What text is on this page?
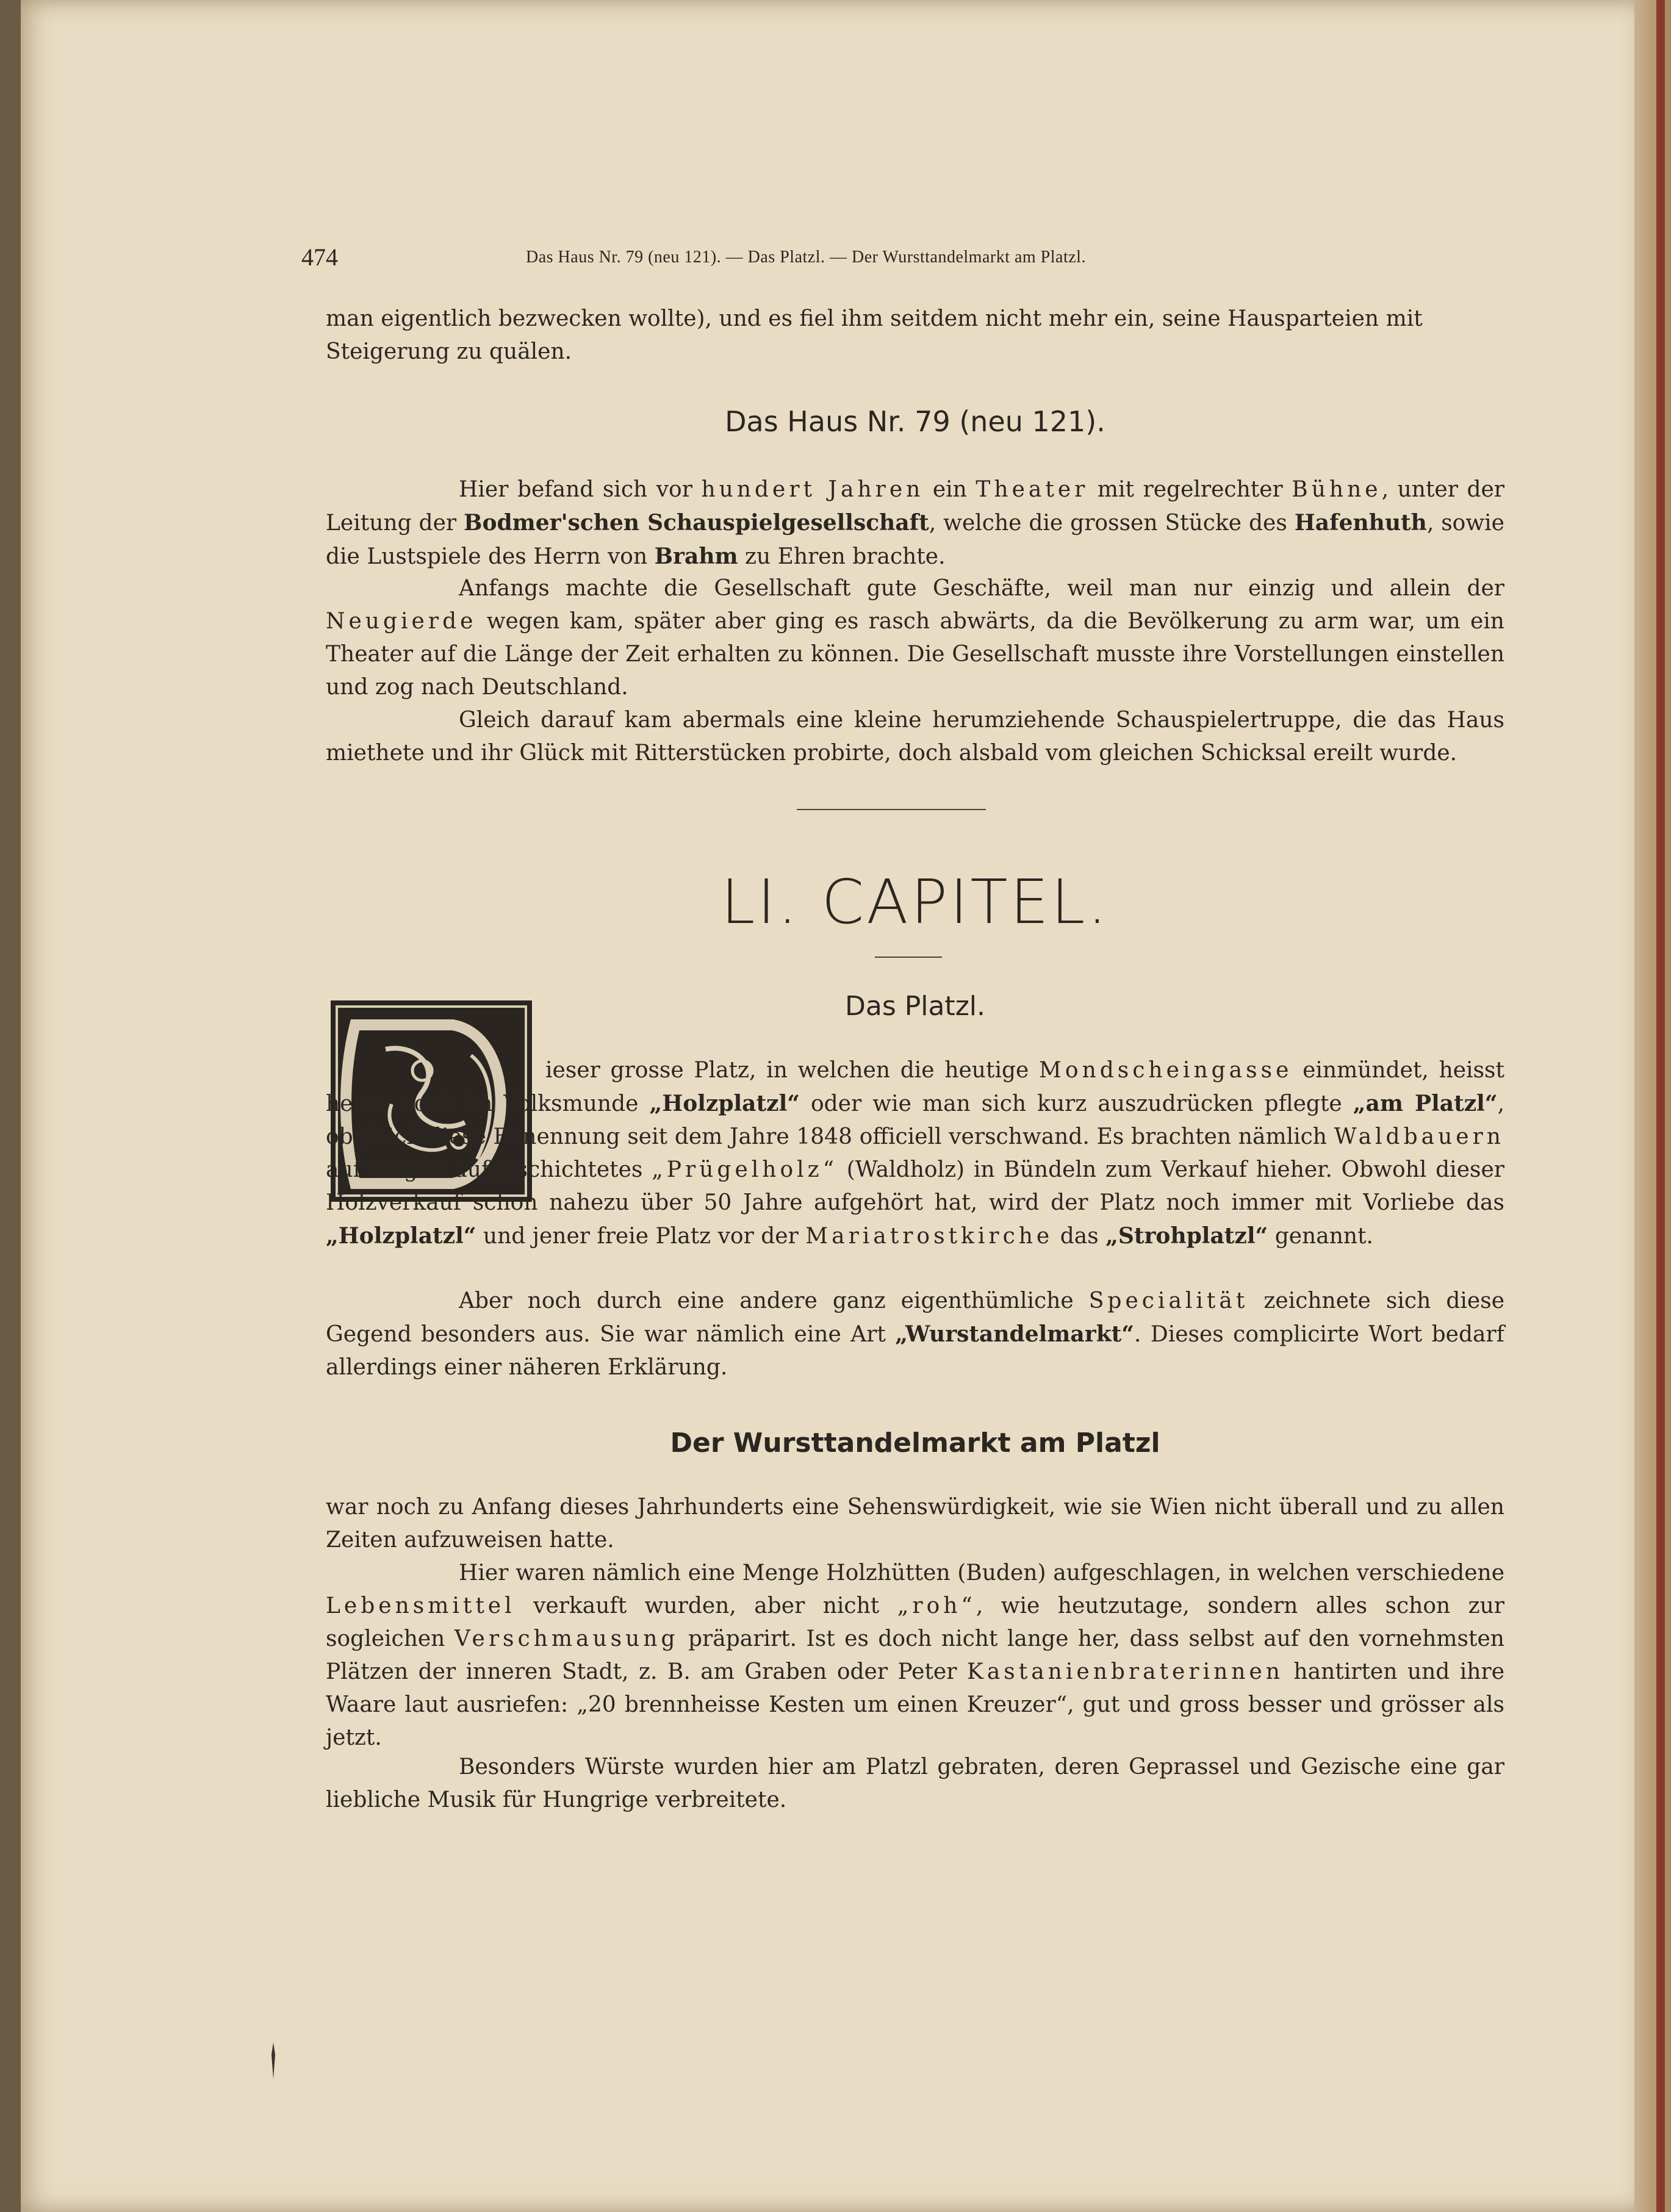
474	Das Haus Nr. 79 (neu 121). — Das Platzl. — Der Wursttandelmarkt am Platzl.

man eigentlich bezwecken wollte), und es fiel ihm seitdem nicht mehr ein, seine Hausparteien mit
Steigerung zu quälen.

Das Haus Nr. 79 (neu 121).

Hier befand sich vor hundert Jahren ein Theater mit regelrechter Bühne, unter der Leitung der Bodmer'schen Schauspielgesellschaft, welche die grossen Stücke des Hafenhuth, sowie die Lustspiele des Herrn von Brahm zu Ehren brachte.

Anfangs machte die Gesellschaft gute Geschäfte, weil man nur einzig und allein der Neugierde wegen kam, später aber ging es rasch abwärts, da die Bevölkerung zu arm war, um ein Theater auf die Länge der Zeit erhalten zu können. Die Gesellschaft musste ihre Vorstellungen einstellen und zog nach Deutschland.

Gleich darauf kam abermals eine kleine herumziehende Schauspielertruppe, die das Haus miethete und ihr Glück mit Ritterstücken probirte, doch alsbald vom gleichen Schicksal ereilt wurde.

LI. CAPITEL.
Das Platzl.

ieser grosse Platz, in welchen die heutige Mondscheingasse einmündet, heisst heute noch im Volksmunde „Holzplatzl“ oder wie man sich kurz auszudrücken pflegte „am Platzl“, obgleich diese Benennung seit dem Jahre 1848 officiell verschwand. Es brachten nämlich Waldbauern auf Wägen aufgeschichtetes „Prügelholz“ (Waldholz) in Bündeln zum Verkauf hieher. Obwohl dieser Holzverkauf schon nahezu über 50 Jahre aufgehört hat, wird der Platz noch immer mit Vorliebe das „Holzplatzl“ und jener freie Platz vor der Mariatrostkirche das „Strohplatzl“ genannt.

Aber noch durch eine andere ganz eigenthümliche Specialität zeichnete sich diese Gegend besonders aus. Sie war nämlich eine Art „Wurstandelmarkt“. Dieses complicirte Wort bedarf allerdings einer näheren Erklärung.

Der Wursttandelmarkt am Platzl

war noch zu Anfang dieses Jahrhunderts eine Sehenswürdigkeit, wie sie Wien nicht überall und zu allen Zeiten aufzuweisen hatte.

Hier waren nämlich eine Menge Holzhütten (Buden) aufgeschlagen, in welchen verschiedene Lebensmittel verkauft wurden, aber nicht „roh“, wie heutzutage, sondern alles schon zur sogleichen Verschmausung präparirt. Ist es doch nicht lange her, dass selbst auf den vornehmsten Plätzen der inneren Stadt, z. B. am Graben oder Peter Kastanienbraterinnen hantirten und ihre Waare laut ausriefen: „20 brennheisse Kesten um einen Kreuzer“, gut und gross besser und grösser als jetzt.

Besonders Würste wurden hier am Platzl gebraten, deren Geprassel und Gezische eine gar liebliche Musik für Hungrige verbreitete.
